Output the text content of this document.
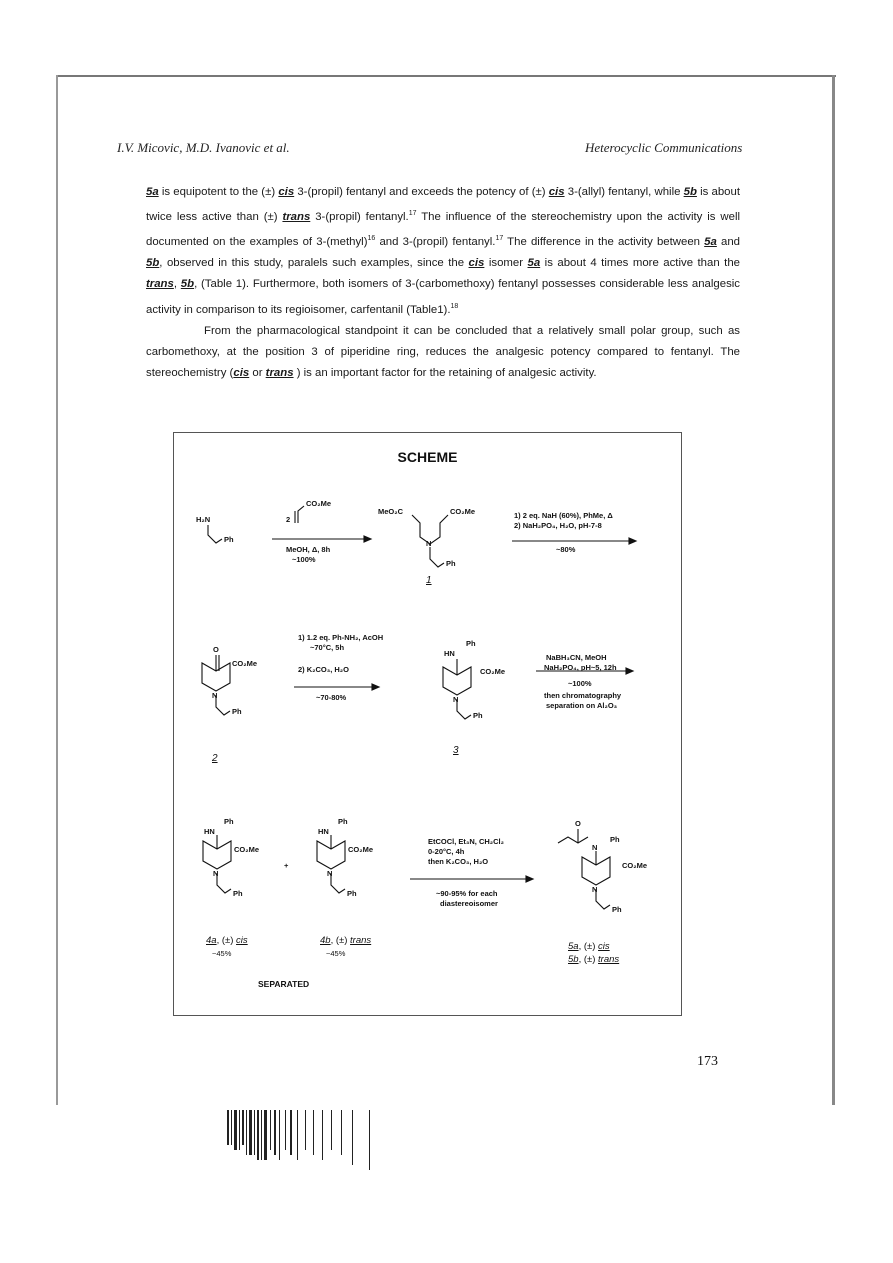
I.V. Micovic, M.D. Ivanovic et al.	Heterocyclic Communications

5a is equipotent to the (±) cis 3-(propil) fentanyl and exceeds the potency of (±) cis 3-(allyl) fentanyl, while 5b is about twice less active than (±) trans 3-(propil) fentanyl.$^{17}$ The influence of the stereochemistry upon the activity is well documented on the examples of 3-(methyl)$^{16}$ and 3-(propil) fentanyl.$^{17}$ The difference in the activity between 5a and 5b, observed in this study, paralels such examples, since the cis isomer 5a is about 4 times more active than the trans, 5b, (Table 1). Furthermore, both isomers of 3-(carbomethoxy) fentanyl possesses considerable less analgesic activity in comparison to its regioisomer, carfentanil (Table1).$^{18}$

From the pharmacological standpoint it can be concluded that a relatively small polar group, such as carbomethoxy, at the position 3 of piperidine ring, reduces the analgesic potency compared to fentanyl. The stereochemistry (cis or trans ) is an important factor for the retaining of analgesic activity.

SCHEME
H₂N
Ph
2
CO₂Me
MeOH, Δ, 8h
~100%
MeO₂C	CO₂Me
N
Ph
1
1) 2 eq. NaH (60%), PhMe, Δ
2) NaH₂PO₄, H₂O, pH-7-8
~80%
O
CO₂Me
N
Ph
2
1) 1.2 eq. Ph-NH₂, AcOH
~70°C, 5h
2) K₂CO₃, H₂O
~70-80%
HN
Ph
CO₂Me
N
Ph
3
NaBH₃CN, MeOH
NaH₂PO₄, pH~5, 12h
~100%
then chromatography
separation on Al₂O₃
HN
Ph
CO₂Me
N
Ph
+
HN
Ph
CO₂Me
N
Ph
4a, (±) cis
~45%
4b, (±) trans
~45%
SEPARATED
EtCOCl, Et₃N, CH₂Cl₂
0-20°C, 4h
then K₂CO₃, H₂O
~90-95% for each
diastereoisomer
O
N
Ph
CO₂Me
N
Ph
5a, (±) cis
5b, (±) trans
173
